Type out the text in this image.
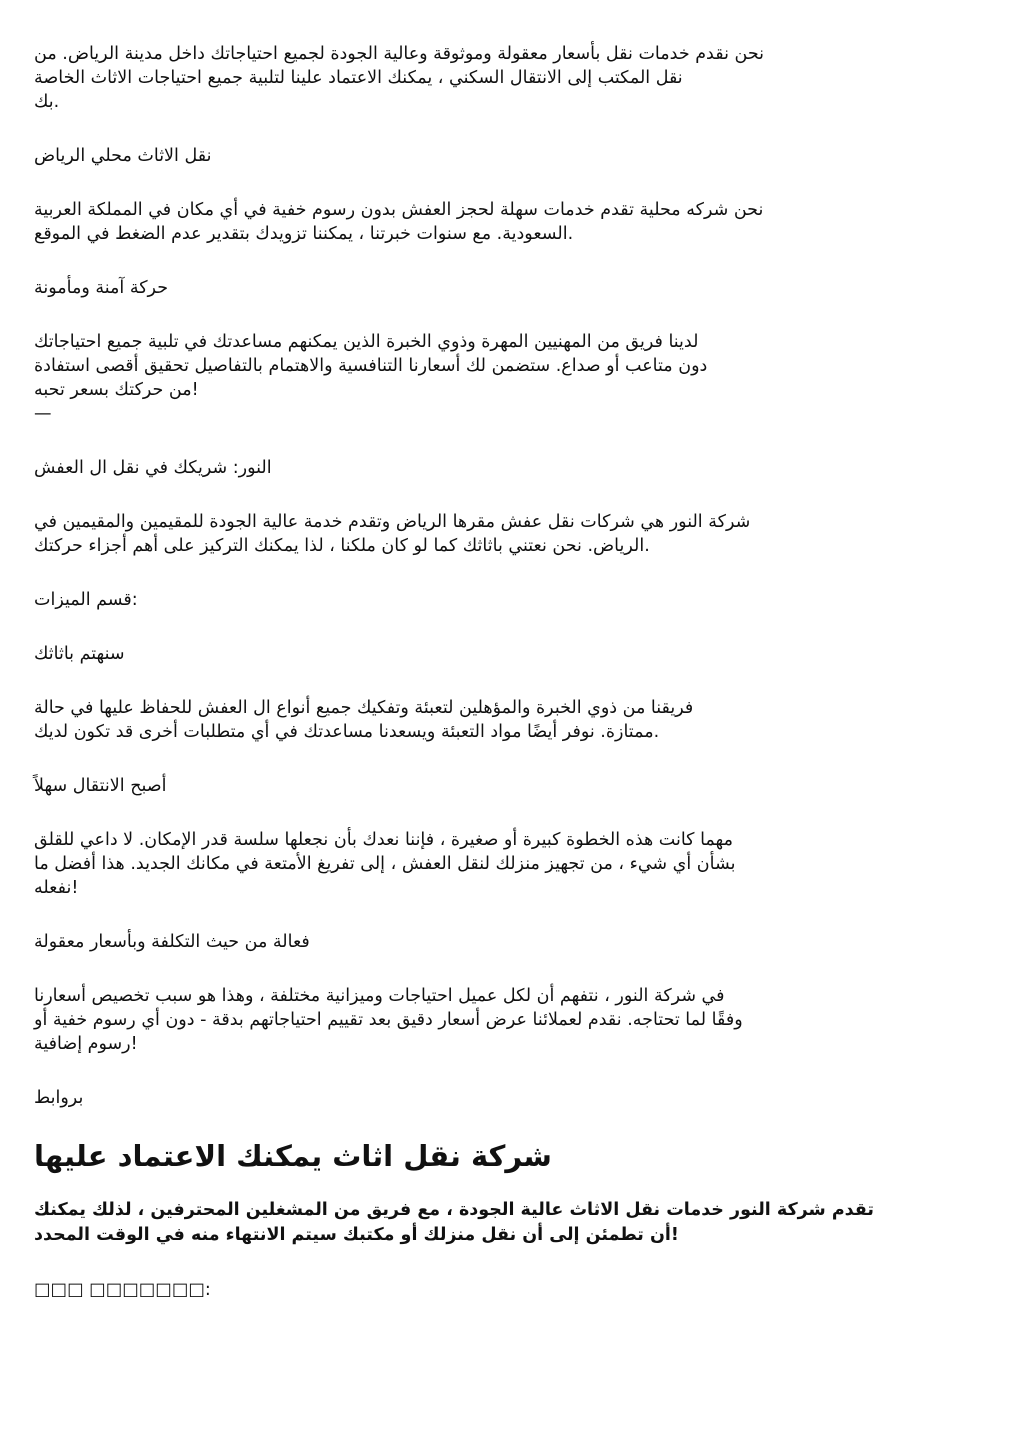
نحن نقدم خدمات نقل بأسعار معقولة وموثوقة وعالية الجودة لجميع احتياجاتك داخل مدينة الرياض. من
نقل المكتب إلى الانتقال السكني ، يمكنك الاعتماد علينا لتلبية جميع احتياجات الاثاث الخاصة
بك.

نقل الاثاث محلي الرياض

نحن شركه محلية تقدم خدمات سهلة لحجز العفش بدون رسوم خفية في أي مكان في المملكة العربية
السعودية. مع سنوات خبرتنا ، يمكننا تزويدك بتقدير عدم الضغط في الموقع.

حركة آمنة ومأمونة

لدينا فريق من المهنيين المهرة وذوي الخبرة الذين يمكنهم مساعدتك في تلبية جميع احتياجاتك
دون متاعب أو صداع. ستضمن لك أسعارنا التنافسية والاهتمام بالتفاصيل تحقيق أقصى استفادة
من حركتك بسعر تحبه!

—

النور: شريكك في نقل ال العفش

شركة النور هي شركات نقل عفش مقرها الرياض وتقدم خدمة عالية الجودة للمقيمين والمقيمين في
الرياض. نحن نعتني باثاثك كما لو كان ملكنا ، لذا يمكنك التركيز على أهم أجزاء حركتك.

قسم الميزات:

سنهتم باثاثك

فريقنا من ذوي الخبرة والمؤهلين لتعبئة وتفكيك جميع أنواع ال العفش للحفاظ عليها في حالة
ممتازة. نوفر أيضًا مواد التعبئة ويسعدنا مساعدتك في أي متطلبات أخرى قد تكون لديك.

أصبح الانتقال سهلاً

مهما كانت هذه الخطوة كبيرة أو صغيرة ، فإننا نعدك بأن نجعلها سلسة قدر الإمكان. لا داعي للقلق
بشأن أي شيء ، من تجهيز منزلك لنقل العفش ، إلى تفريغ الأمتعة في مكانك الجديد. هذا أفضل ما
نفعله!

فعالة من حيث التكلفة وبأسعار معقولة

في شركة النور ، نتفهم أن لكل عميل احتياجات وميزانية مختلفة ، وهذا هو سبب تخصيص أسعارنا
وفقًا لما تحتاجه. نقدم لعملائنا عرض أسعار دقيق بعد تقييم احتياجاتهم بدقة - دون أي رسوم خفية أو
رسوم إضافية!

بروابط

شركة نقل اثاث يمكنك الاعتماد عليها

تقدم شركة النور خدمات نقل الاثاث عالية الجودة ، مع فريق من المشغلين المحترفين ، لذلك يمكنك
أن تطمئن إلى أن نقل منزلك أو مكتبك سيتم الانتهاء منه في الوقت المحدد!

□□□ □□□□□□□:
